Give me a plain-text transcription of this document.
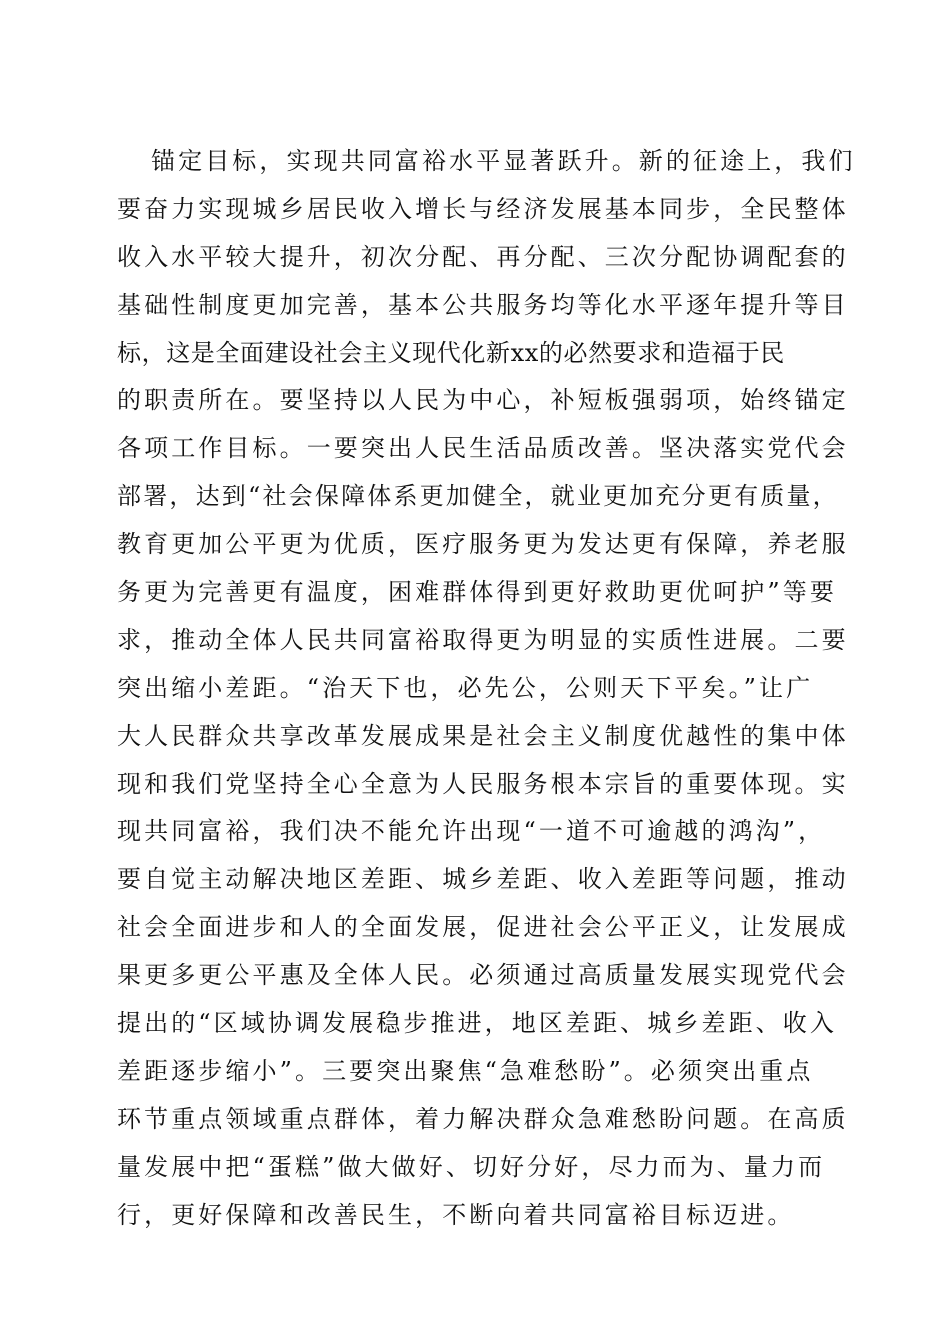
锚定目标，实现共同富裕水平显著跃升。新的征途上，我们
要奋力实现城乡居民收入增长与经济发展基本同步，全民整体
收入水平较大提升，初次分配、再分配、三次分配协调配套的
基础性制度更加完善，基本公共服务均等化水平逐年提升等目
标，这是全面建设社会主义现代化新xx的必然要求和造福于民
的职责所在。要坚持以人民为中心，补短板强弱项，始终锚定
各项工作目标。一要突出人民生活品质改善。坚决落实党代会
部署，达到“社会保障体系更加健全，就业更加充分更有质量，
教育更加公平更为优质，医疗服务更为发达更有保障，养老服
务更为完善更有温度，困难群体得到更好救助更优呵护”等要
求，推动全体人民共同富裕取得更为明显的实质性进展。二要
突出缩小差距。“治天下也，必先公，公则天下平矣。”让广
大人民群众共享改革发展成果是社会主义制度优越性的集中体
现和我们党坚持全心全意为人民服务根本宗旨的重要体现。实
现共同富裕，我们决不能允许出现“一道不可逾越的鸿沟”，
要自觉主动解决地区差距、城乡差距、收入差距等问题，推动
社会全面进步和人的全面发展，促进社会公平正义，让发展成
果更多更公平惠及全体人民。必须通过高质量发展实现党代会
提出的“区域协调发展稳步推进，地区差距、城乡差距、收入
差距逐步缩小”。三要突出聚焦“急难愁盼”。必须突出重点
环节重点领域重点群体，着力解决群众急难愁盼问题。在高质
量发展中把“蛋糕”做大做好、切好分好，尽力而为、量力而
行，更好保障和改善民生，不断向着共同富裕目标迈进。
